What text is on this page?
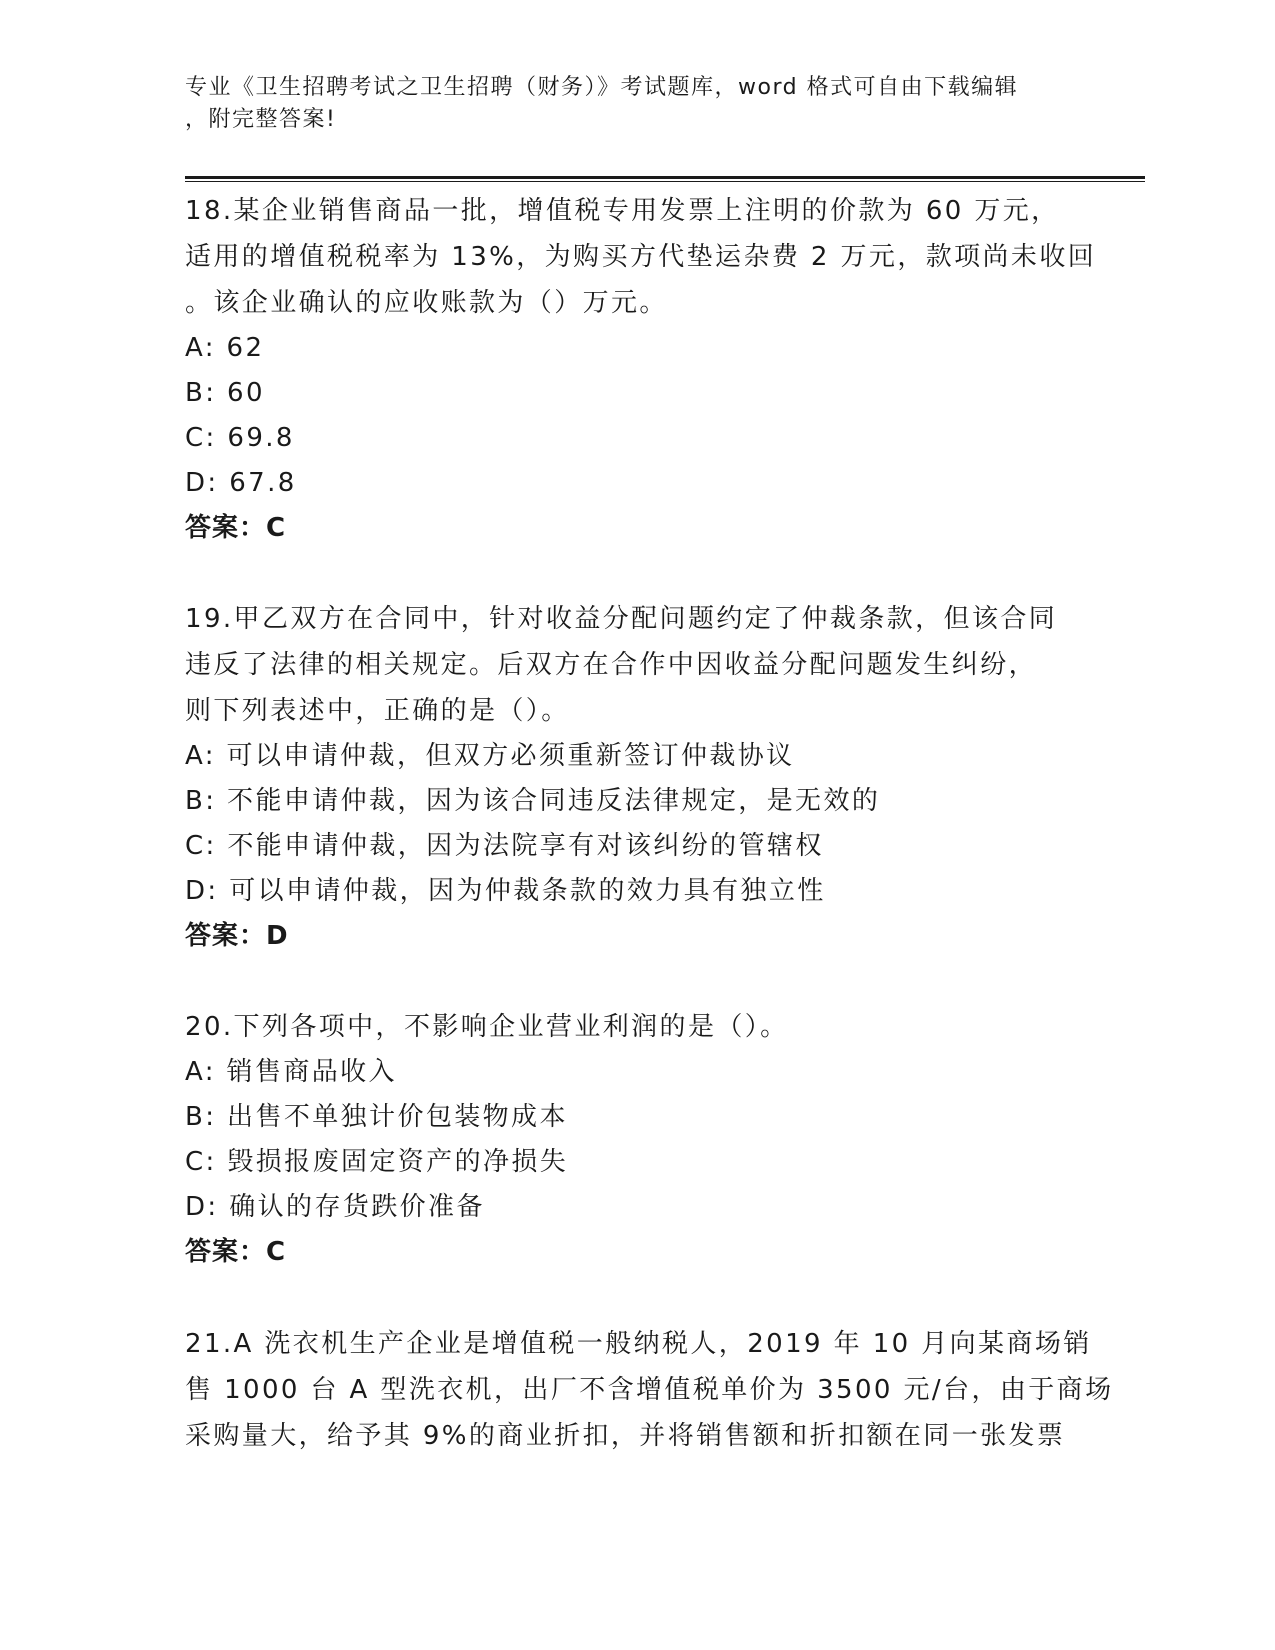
专业《卫生招聘考试之卫生招聘（财务）》考试题库，word 格式可自由下载编辑
，附完整答案!
18.某企业销售商品一批，增值税专用发票上注明的价款为 60 万元，
适用的增值税税率为 13%，为购买方代垫运杂费 2 万元，款项尚未收回
。该企业确认的应收账款为（）万元。
A: 62
B: 60
C: 69.8
D: 67.8
答案：C
19.甲乙双方在合同中，针对收益分配问题约定了仲裁条款，但该合同
违反了法律的相关规定。后双方在合作中因收益分配问题发生纠纷，
则下列表述中，正确的是（）。
A: 可以申请仲裁，但双方必须重新签订仲裁协议
B: 不能申请仲裁，因为该合同违反法律规定，是无效的
C: 不能申请仲裁，因为法院享有对该纠纷的管辖权
D: 可以申请仲裁，因为仲裁条款的效力具有独立性
答案：D
20.下列各项中，不影响企业营业利润的是（）。
A: 销售商品收入
B: 出售不单独计价包装物成本
C: 毁损报废固定资产的净损失
D: 确认的存货跌价准备
答案：C
21.A 洗衣机生产企业是增值税一般纳税人，2019 年 10 月向某商场销
售 1000 台 A 型洗衣机，出厂不含增值税单价为 3500 元/台，由于商场
采购量大，给予其 9%的商业折扣，并将销售额和折扣额在同一张发票
